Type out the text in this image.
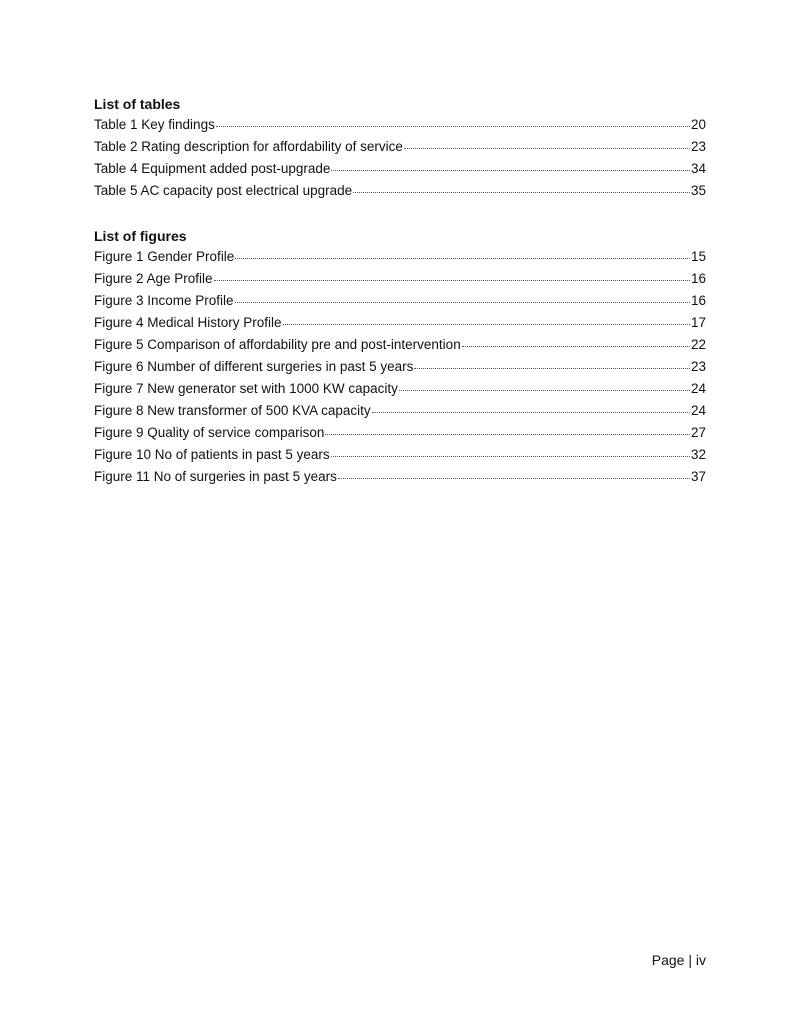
List of tables
Table 1 Key findings	20
Table 2 Rating description for affordability of service	23
Table 4 Equipment added post-upgrade	34
Table 5 AC capacity post electrical upgrade	35
List of figures
Figure 1 Gender Profile	15
Figure 2 Age Profile	16
Figure 3 Income Profile	16
Figure 4 Medical History Profile	17
Figure 5 Comparison of affordability pre and post-intervention	22
Figure 6 Number of different surgeries in past 5 years	23
Figure 7 New generator set with 1000 KW capacity	24
Figure 8 New transformer of 500 KVA capacity	24
Figure 9 Quality of service comparison	27
Figure 10 No of patients in past 5 years	32
Figure 11 No of surgeries in past 5 years	37
Page | iv
